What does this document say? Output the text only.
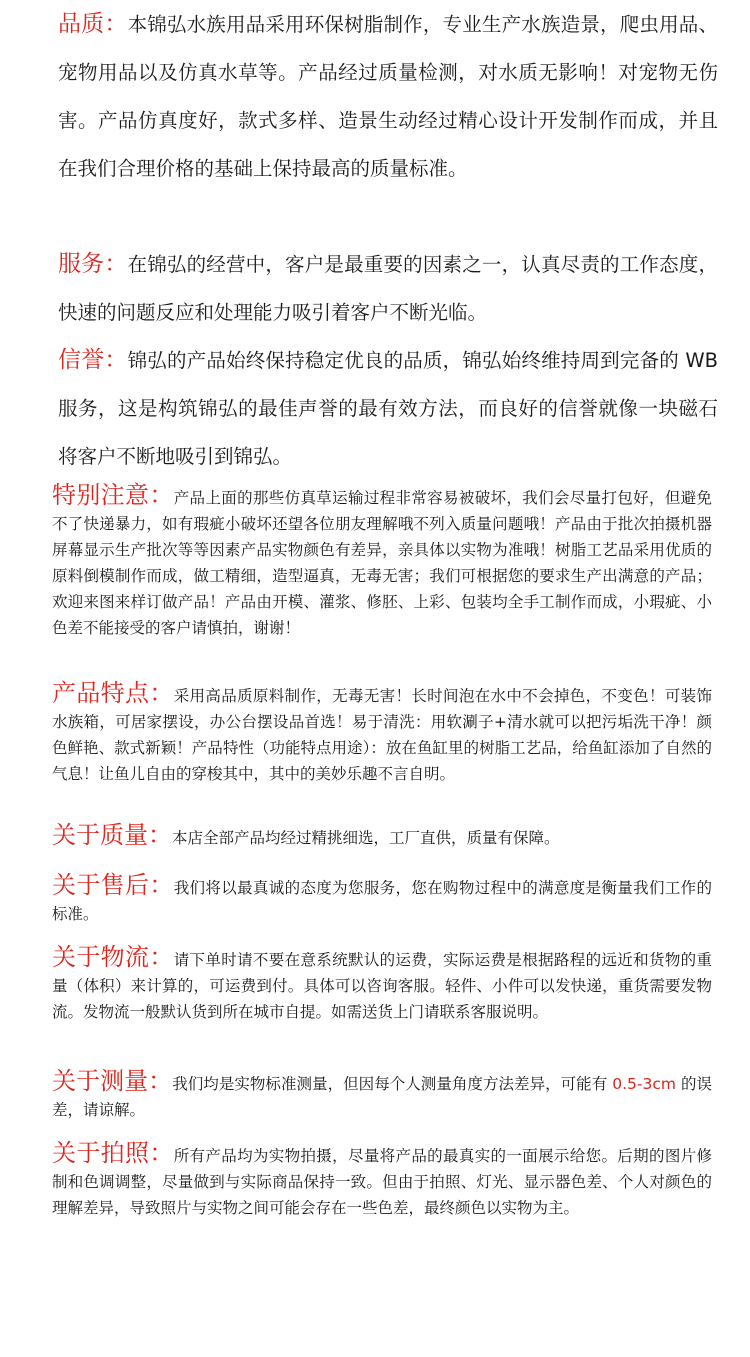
品质：本锦弘水族用品采用环保树脂制作，专业生产水族造景，爬虫用品、宠物用品以及仿真水草等。产品经过质量检测，对水质无影响！对宠物无伤害。产品仿真度好，款式多样、造景生动经过精心设计开发制作而成，并且在我们合理价格的基础上保持最高的质量标准。

服务：在锦弘的经营中，客户是最重要的因素之一，认真尽责的工作态度，快速的问题反应和处理能力吸引着客户不断光临。

信誉：锦弘的产品始终保持稳定优良的品质，锦弘始终维持周到完备的 WB 服务，这是构筑锦弘的最佳声誉的最有效方法，而良好的信誉就像一块磁石将客户不断地吸引到锦弘。

特别注意：产品上面的那些仿真草运输过程非常容易被破坏，我们会尽量打包好，但避免不了快递暴力，如有瑕疵小破坏还望各位朋友理解哦不列入质量问题哦！产品由于批次拍摄机器屏幕显示生产批次等等因素产品实物颜色有差异，亲具体以实物为准哦！树脂工艺品采用优质的原料倒模制作而成，做工精细，造型逼真，无毒无害；我们可根据您的要求生产出满意的产品；欢迎来图来样订做产品！产品由开模、灌浆、修胚、上彩、包装均全手工制作而成，小瑕疵、小色差不能接受的客户请慎拍，谢谢！

产品特点：采用高品质原料制作，无毒无害！长时间泡在水中不会掉色，不变色！可装饰水族箱，可居家摆设，办公台摆设品首选！易于清洗：用软涮子+清水就可以把污垢洗干净！颜色鲜艳、款式新颖！产品特性（功能特点用途）：放在鱼缸里的树脂工艺品，给鱼缸添加了自然的气息！让鱼儿自由的穿梭其中，其中的美妙乐趣不言自明。

关于质量：本店全部产品均经过精挑细选，工厂直供，质量有保障。

关于售后：我们将以最真诚的态度为您服务，您在购物过程中的满意度是衡量我们工作的标准。

关于物流：请下单时请不要在意系统默认的运费，实际运费是根据路程的远近和货物的重量（体积）来计算的，可运费到付。具体可以咨询客服。轻件、小件可以发快递，重货需要发物流。发物流一般默认货到所在城市自提。如需送货上门请联系客服说明。

关于测量：我们均是实物标准测量，但因每个人测量角度方法差异，可能有 0.5-3cm 的误差，请谅解。

关于拍照：所有产品均为实物拍摄，尽量将产品的最真实的一面展示给您。后期的图片修制和色调调整，尽量做到与实际商品保持一致。但由于拍照、灯光、显示器色差、个人对颜色的理解差异，导致照片与实物之间可能会存在一些色差，最终颜色以实物为主。
